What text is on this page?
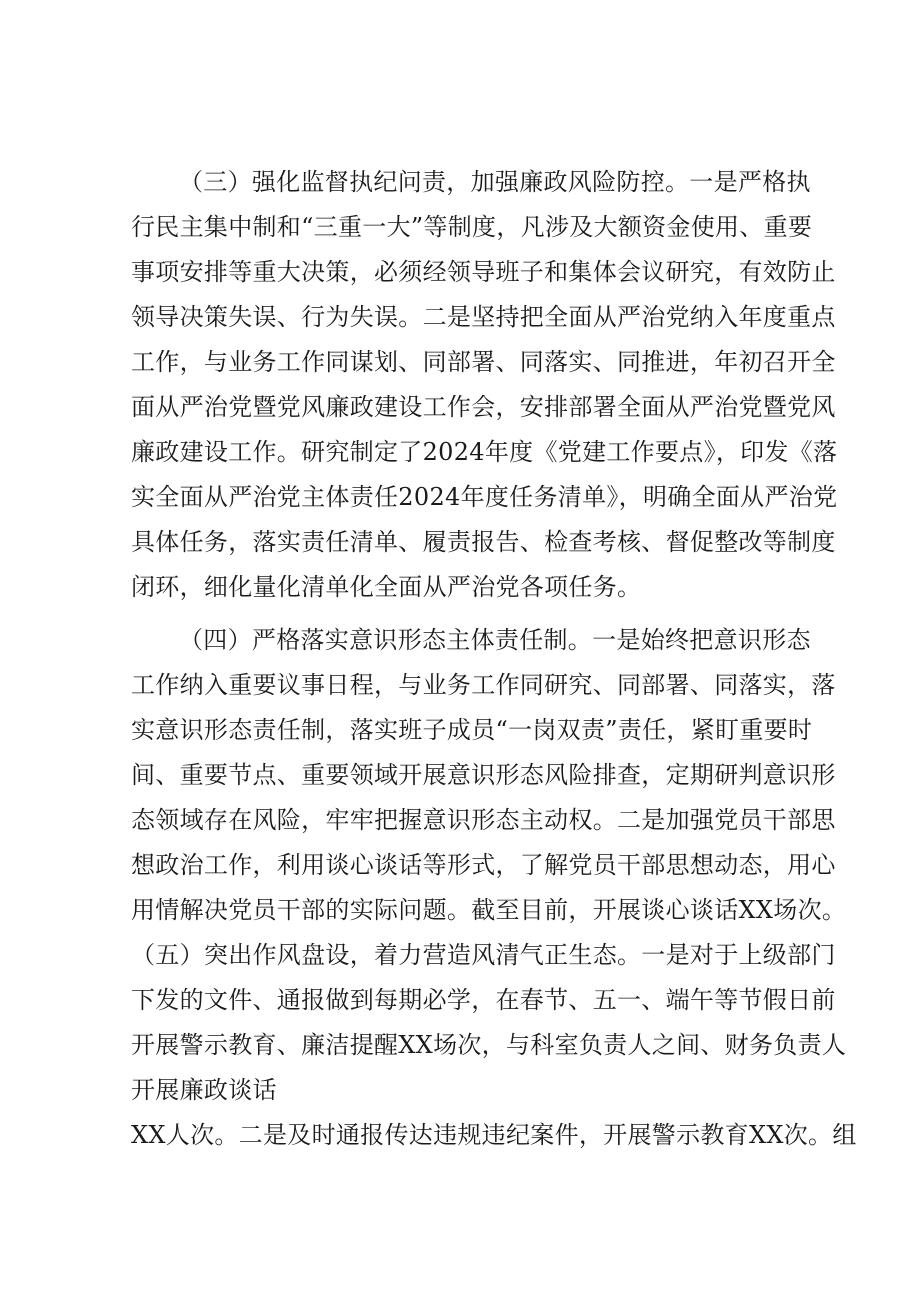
（三）强化监督执纪问责，加强廉政风险防控。一是严格执
行民主集中制和“三重一大”等制度，凡涉及大额资金使用、重要
事项安排等重大决策，必须经领导班子和集体会议研究，有效防止
领导决策失误、行为失误。二是坚持把全面从严治党纳入年度重点
工作，与业务工作同谋划、同部署、同落实、同推进，年初召开全
面从严治党暨党风廉政建设工作会，安排部署全面从严治党暨党风
廉政建设工作。研究制定了2024年度《党建工作要点》，印发《落
实全面从严治党主体责任2024年度任务清单》，明确全面从严治党
具体任务，落实责任清单、履责报告、检查考核、督促整改等制度
闭环，细化量化清单化全面从严治党各项任务。
（四）严格落实意识形态主体责任制。一是始终把意识形态
工作纳入重要议事日程，与业务工作同研究、同部署、同落实，落
实意识形态责任制，落实班子成员“一岗双责”责任，紧盯重要时
间、重要节点、重要领域开展意识形态风险排查，定期研判意识形
态领域存在风险，牢牢把握意识形态主动权。二是加强党员干部思
想政治工作，利用谈心谈话等形式，了解党员干部思想动态，用心
用情解决党员干部的实际问题。截至目前，开展谈心谈话XX场次。
（五）突出作风盘设，着力营造风清气正生态。一是对于上级部门
下发的文件、通报做到每期必学，在春节、五一、端午等节假日前
开展警示教育、廉洁提醒XX场次，与科室负责人之间、财务负责人
开展廉政谈话
XX人次。二是及时通报传达违规违纪案件，开展警示教育XX次。组
